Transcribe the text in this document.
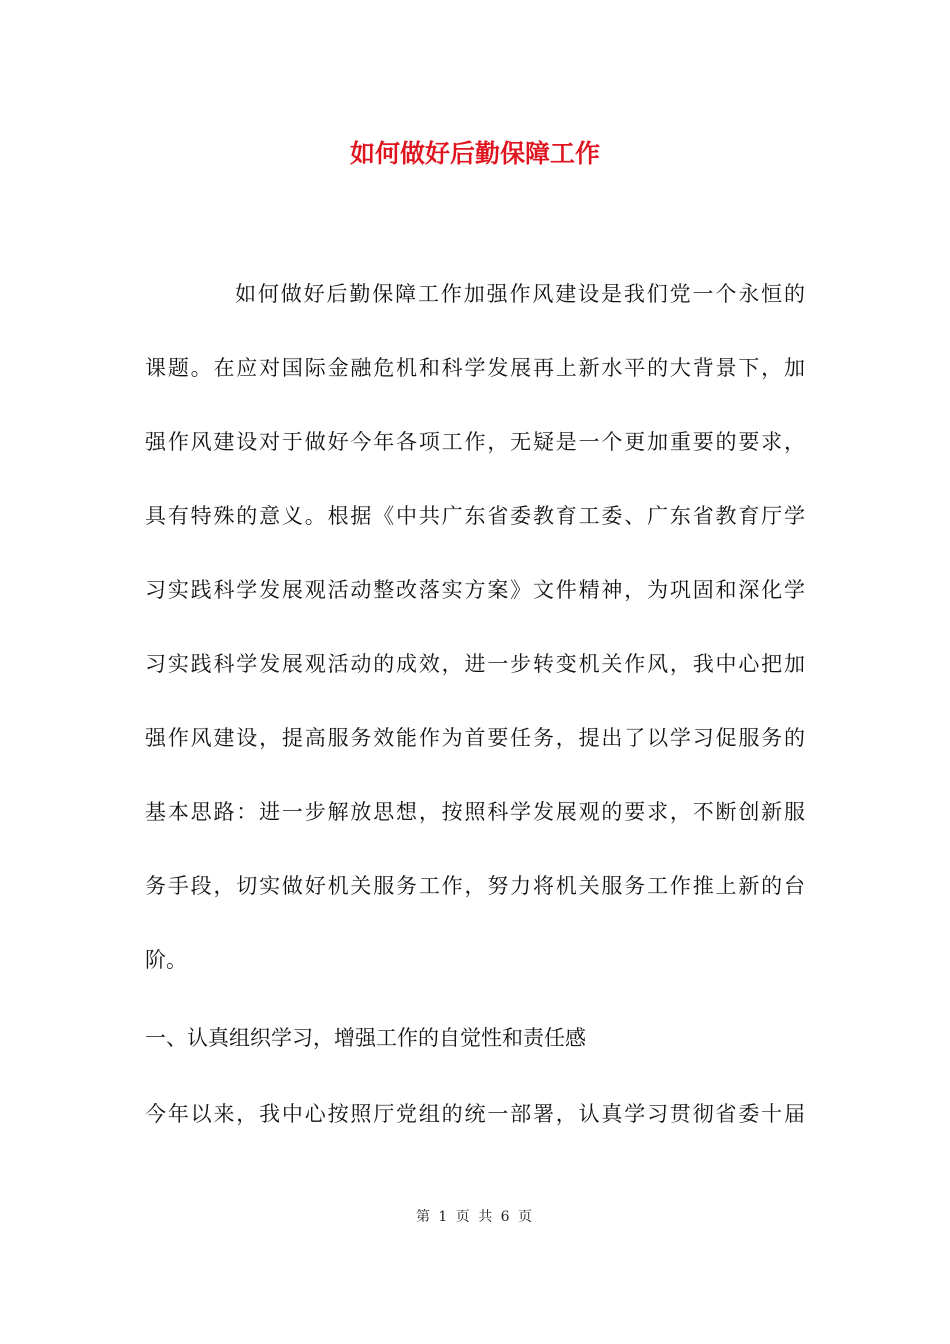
如何做好后勤保障工作
如何做好后勤保障工作加强作风建设是我们党一个永恒的
课题。在应对国际金融危机和科学发展再上新水平的大背景下，加
强作风建设对于做好今年各项工作，无疑是一个更加重要的要求，
具有特殊的意义。根据《中共广东省委教育工委、广东省教育厅学
习实践科学发展观活动整改落实方案》文件精神，为巩固和深化学
习实践科学发展观活动的成效，进一步转变机关作风，我中心把加
强作风建设，提高服务效能作为首要任务，提出了以学习促服务的
基本思路：进一步解放思想，按照科学发展观的要求，不断创新服
务手段，切实做好机关服务工作，努力将机关服务工作推上新的台
阶。
一、认真组织学习，增强工作的自觉性和责任感
今年以来，我中心按照厅党组的统一部署，认真学习贯彻省委十届
第 1 页 共 6 页
